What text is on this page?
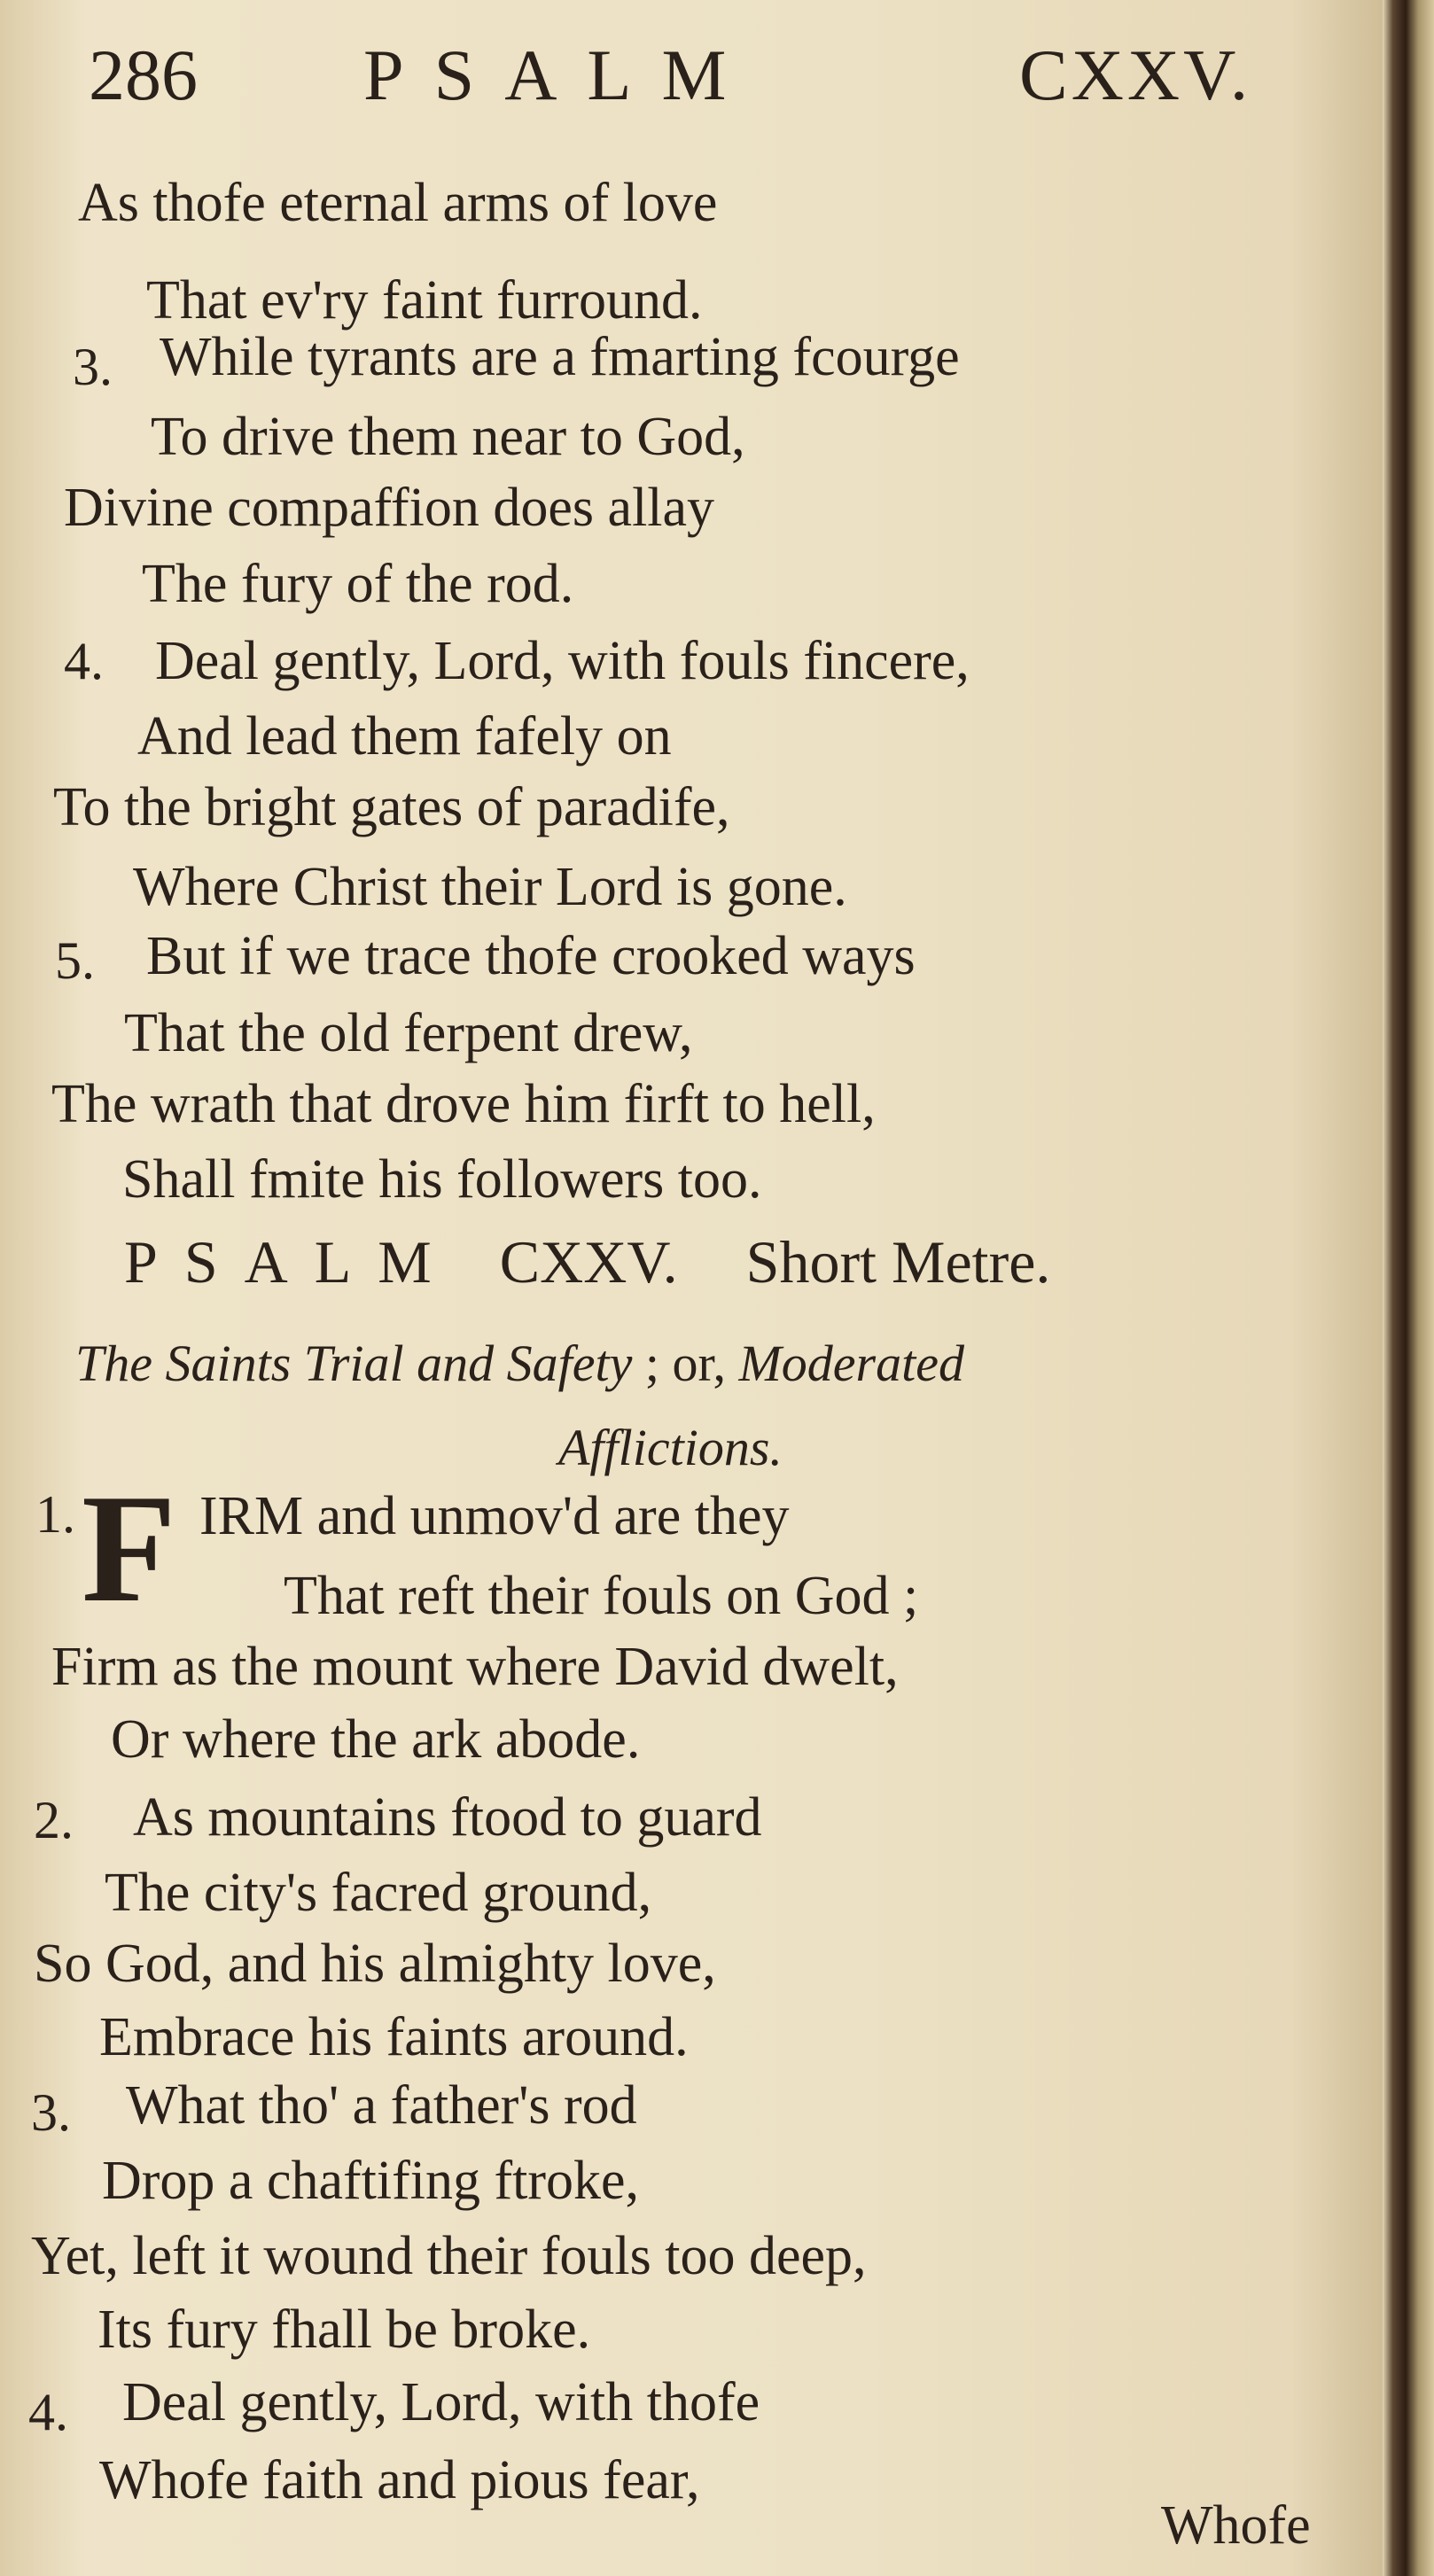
286 PSALM	CXXV.
As thofe eternal arms of love
That ev'ry faint furround.
3. While tyrants are a fmarting fcourge
To drive them near to God,
Divine compaffion does allay
The fury of the rod.
4. Deal gently, Lord, with fouls fincere,
And lead them fafely on
To the bright gates of paradife,
Where Christ their Lord is gone.
5. But if we trace thofe crooked ways
That the old ferpent drew,
The wrath that drove him firft to hell,
Shall fmite his followers too.
PSALM CXXV. Short Metre.
The Saints Trial and Safety ; or, Moderated
Afflictions.
1. F IRM and unmov'd are they
That reft their fouls on God ;
Firm as the mount where David dwelt,
Or where the ark abode.
2. As mountains ftood to guard
The city's facred ground,
So God, and his almighty love,
Embrace his faints around.
3. What tho' a father's rod
Drop a chaftifing ftroke,
Yet, left it wound their fouls too deep,
Its fury fhall be broke.
4. Deal gently, Lord, with thofe
Whofe faith and pious fear,
Whofe
